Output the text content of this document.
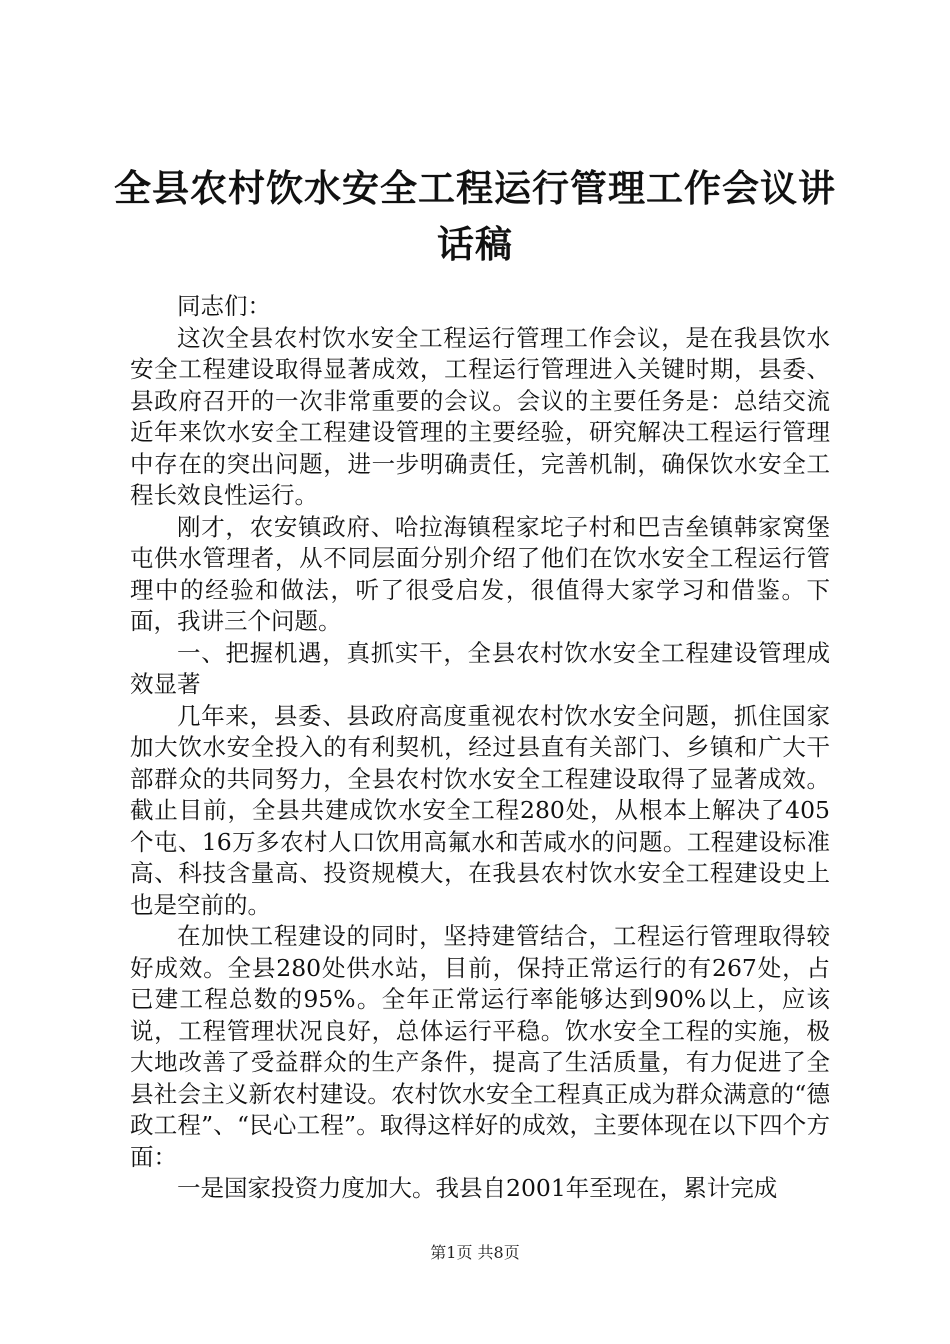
全县农村饮水安全工程运行管理工作会议讲话稿

同志们：

这次全县农村饮水安全工程运行管理工作会议，是在我县饮水安全工程建设取得显著成效，工程运行管理进入关键时期，县委、县政府召开的一次非常重要的会议。会议的主要任务是：总结交流近年来饮水安全工程建设管理的主要经验，研究解决工程运行管理中存在的突出问题，进一步明确责任，完善机制，确保饮水安全工程长效良性运行。

刚才，农安镇政府、哈拉海镇程家坨子村和巴吉垒镇韩家窝堡屯供水管理者，从不同层面分别介绍了他们在饮水安全工程运行管理中的经验和做法，听了很受启发，很值得大家学习和借鉴。下面，我讲三个问题。

一、把握机遇，真抓实干，全县农村饮水安全工程建设管理成效显著

几年来，县委、县政府高度重视农村饮水安全问题，抓住国家加大饮水安全投入的有利契机，经过县直有关部门、乡镇和广大干部群众的共同努力，全县农村饮水安全工程建设取得了显著成效。截止目前，全县共建成饮水安全工程280处，从根本上解决了405个屯、16万多农村人口饮用高氟水和苦咸水的问题。工程建设标准高、科技含量高、投资规模大，在我县农村饮水安全工程建设史上也是空前的。

在加快工程建设的同时，坚持建管结合，工程运行管理取得较好成效。全县280处供水站，目前，保持正常运行的有267处，占已建工程总数的95%。全年正常运行率能够达到90%以上，应该说，工程管理状况良好，总体运行平稳。饮水安全工程的实施，极大地改善了受益群众的生产条件，提高了生活质量，有力促进了全县社会主义新农村建设。农村饮水安全工程真正成为群众满意的“德政工程”、“民心工程”。取得这样好的成效，主要体现在以下四个方面：

一是国家投资力度加大。我县自2001年至现在，累计完成

第1页 共8页
